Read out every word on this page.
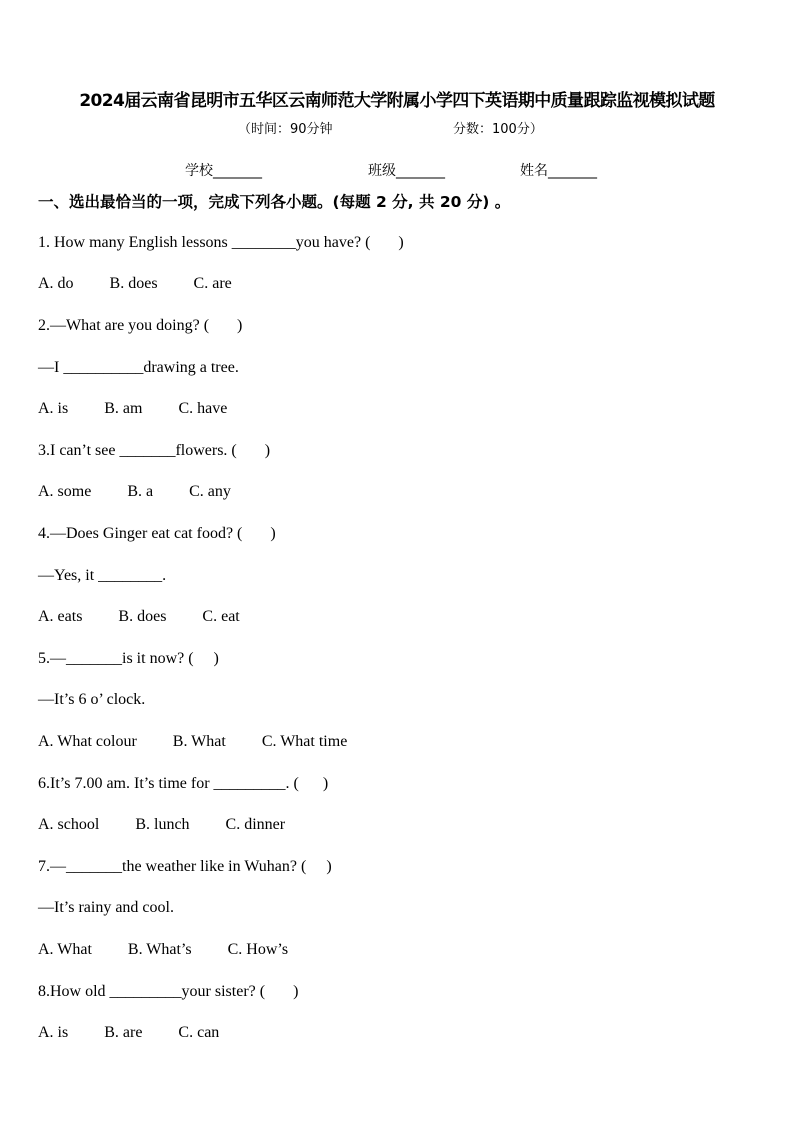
2024届云南省昆明市五华区云南师范大学附属小学四下英语期中质量跟踪监视模拟试题
（时间：90分钟	分数：100分）
学校_______	班级_______	姓名_______
一、选出最恰当的一项，完成下列各小题。(每题 2 分, 共 20 分) 。
1. How many English lessons ________you have? (       )
A. do         B. does         C. are
2.—What are you doing? (       )
—I __________drawing a tree.
A. is         B. am         C. have
3.I can’t see _______flowers. (       )
A. some         B. a         C. any
4.—Does Ginger eat cat food? (       )
—Yes, it ________.
A. eats         B. does         C. eat
5.—_______is it now? (     )
—It’s 6 o’ clock.
A. What colour         B. What         C. What time
6.It’s 7.00 am. It’s time for _________. (      )
A. school         B. lunch         C. dinner
7.—_______the weather like in Wuhan? (     )
—It’s rainy and cool.
A. What         B. What’s         C. How’s
8.How old _________your sister? (       )
A. is         B. are         C. can
